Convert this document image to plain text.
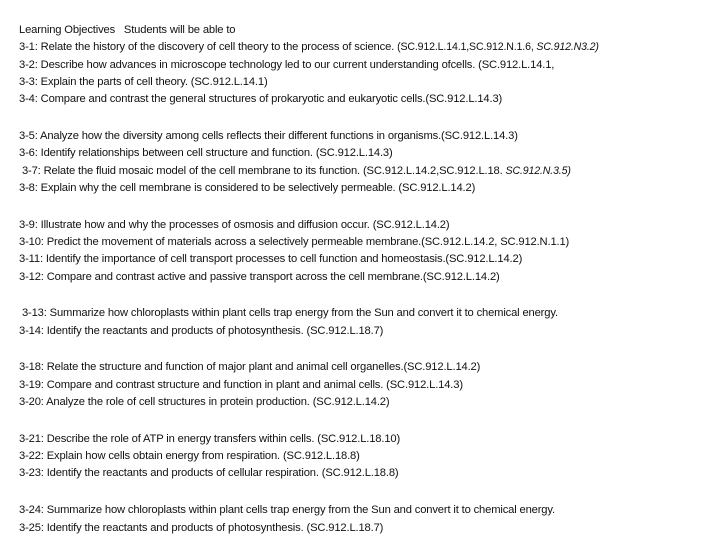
Learning Objectives Students will be able to
3-1: Relate the history of the discovery of cell theory to the process of science. (SC.912.L.14.1,SC.912.N.1.6, SC.912.N3.2)
3-2: Describe how advances in microscope technology led to our current understanding ofcells. (SC.912.L.14.1,
3-3: Explain the parts of cell theory. (SC.912.L.14.1)
3-4: Compare and contrast the general structures of prokaryotic and eukaryotic cells.(SC.912.L.14.3)
3-5: Analyze how the diversity among cells reflects their different functions in organisms.(SC.912.L.14.3)
3-6: Identify relationships between cell structure and function. (SC.912.L.14.3)
3-7: Relate the fluid mosaic model of the cell membrane to its function. (SC.912.L.14.2,SC.912.L.18. SC.912.N.3.5)
3-8: Explain why the cell membrane is considered to be selectively permeable. (SC.912.L.14.2)
3-9: Illustrate how and why the processes of osmosis and diffusion occur. (SC.912.L.14.2)
3-10: Predict the movement of materials across a selectively permeable membrane.(SC.912.L.14.2, SC.912.N.1.1)
3-11: Identify the importance of cell transport processes to cell function and homeostasis.(SC.912.L.14.2)
3-12: Compare and contrast active and passive transport across the cell membrane.(SC.912.L.14.2)
3-13: Summarize how chloroplasts within plant cells trap energy from the Sun and convert it to chemical energy.
3-14: Identify the reactants and products of photosynthesis. (SC.912.L.18.7)
3-18: Relate the structure and function of major plant and animal cell organelles.(SC.912.L.14.2)
3-19: Compare and contrast structure and function in plant and animal cells. (SC.912.L.14.3)
3-20: Analyze the role of cell structures in protein production. (SC.912.L.14.2)
3-21: Describe the role of ATP in energy transfers within cells. (SC.912.L.18.10)
3-22: Explain how cells obtain energy from respiration. (SC.912.L.18.8)
3-23: Identify the reactants and products of cellular respiration. (SC.912.L.18.8)
3-24: Summarize how chloroplasts within plant cells trap energy from the Sun and convert it to chemical energy.
3-25: Identify the reactants and products of photosynthesis. (SC.912.L.18.7)
